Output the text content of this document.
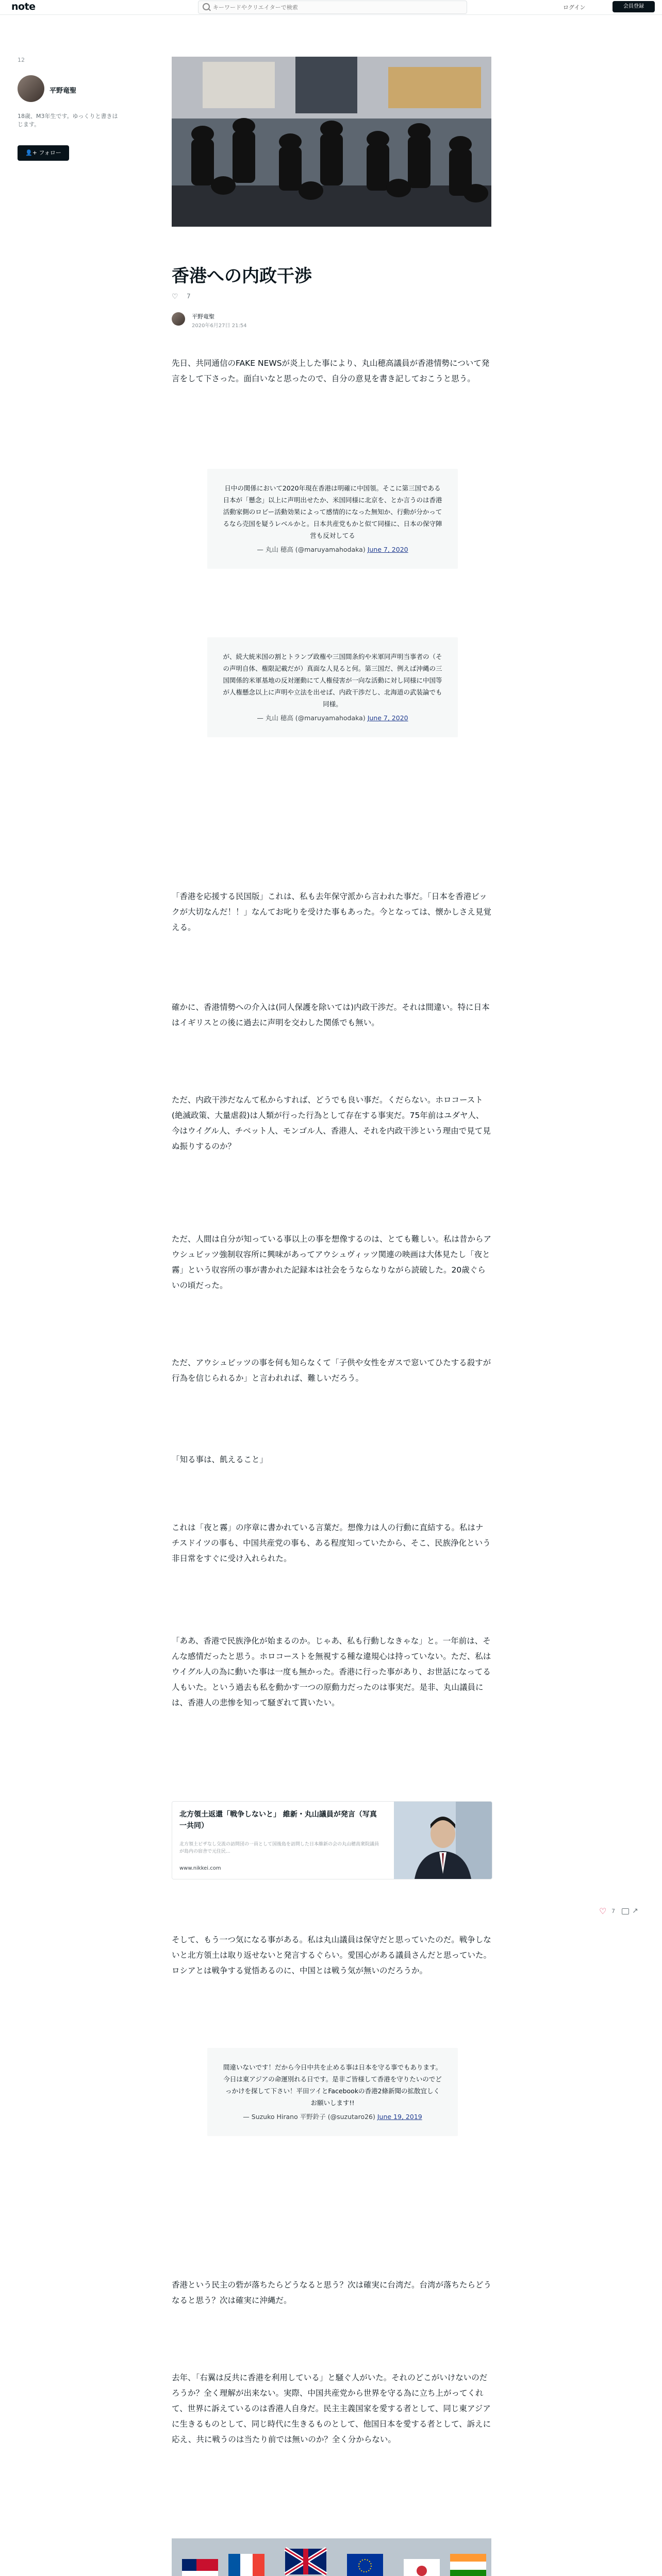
note
キーワードやクリエイターで検索	ログイン	会員登録
12
平野竜聖
18歳、M3年生です。ゆっくりと書きはじます。
👤+ フォロー
香港への内政干渉
♡ 7
平野竜聖
2020年6月27日 21:54

先日、共同通信のFAKE NEWSが炎上した事により、丸山穂高議員が香港情勢について発言をして下さった。面白いなと思ったので、自分の意見を書き記しておこうと思う。

日中の関係において2020年現在香港は明確に中国領。そこに第三国である日本が「懸念」以上に声明出せたか、米国同様に北京を、とか言うのは香港活動家側のロビー活動効果によって感情的になった無知か、行動が分かってるなら売国を疑うレベルかと。日本共産党もかと似て同様に、日本の保守陣営も反対してる
— 丸山 穂高 (@maruyamahodaka) June 7, 2020
が、続大統米国の割とトランプ政権や三国間条約や米軍同声明当事者の（その声明自体、権限記載だが）真面な人見ると何。第三国だ、例えば沖縄の三国関係的米軍基地の反対運動にて人権侵害が一向な活動に対し同様に中国等が人権懸念以上に声明や立法を出せば、内政干渉だし、北海道の武装論でも同様。
— 丸山 穂高 (@maruyamahodaka) June 7, 2020

「香港を応援する民国版」これは、私も去年保守派から言われた事だ。「日本を香港ビックが大切なんだ！！」なんてお叱りを受けた事もあった。今となっては、懐かしさえ見覚える。

確かに、香港情勢への介入は(同人保護を除いては)内政干渉だ。それは間違い。特に日本はイギリスとの後に過去に声明を交わした関係でも無い。

ただ、内政干渉だなんて私からすれば、どうでも良い事だ。くだらない。ホロコースト(絶滅政策、大量虐殺)は人類が行った行為として存在する事実だ。75年前はユダヤ人、今はウイグル人、チベット人、モンゴル人、香港人、それを内政干渉という理由で見て見ぬ振りするのか？

ただ、人間は自分が知っている事以上の事を想像するのは、とても難しい。私は昔からアウシュビッツ強制収容所に興味があってアウシュヴィッツ関連の映画は大体見たし「夜と霧」という収容所の事が書かれた記録本は社会をうならなりながら読破した。20歳ぐらいの頃だった。

ただ、アウシュビッツの事を何も知らなくて「子供や女性をガスで窓いてひたする殺すが行為を信じられるか」と言われれば、難しいだろう。

「知る事は、飢えること」

これは「夜と霧」の序章に書かれている言葉だ。想像力は人の行動に直結する。私はナチスドイツの事も、中国共産党の事も、ある程度知っていたから、そこ、民族浄化という非日常をすぐに受け入れられた。

「ああ、香港で民族浄化が始まるのか。じゃあ、私も行動しなきゃな」と。一年前は、そんな感情だったと思う。ホロコーストを無視する種な違規心は持っていない。ただ、私はウイグル人の為に動いた事は一度も無かった。香港に行った事があり、お世話になってる人もいた。という過去も私を動かす一つの原動力だったのは事実だ。是非、丸山議員には、香港人の悲惨を知って騒ぎれて貰いたい。

北方領土返還「戦争しないと」 維新・丸山議員が発言（写真一共同）
北方領土ビザなし交流の訪問団の一員として国後島を訪問した日本維新の会の丸山穂高衆院議員が島内の宿舎で元住民...
www.nikkei.com
♡ 7 ↗

そして、もう一つ気になる事がある。私は丸山議員は保守だと思っていたのだ。戦争しないと北方領土は取り返せないと発言するぐらい。愛国心がある議員さんだと思っていた。ロシアとは戦争する覚悟あるのに、中国とは戦う気が無いのだろうか。

間違いないです！だから今日中共を止める事は日本を守る事でもあります。今日は東アジアの命運別れる日です。是非ご皆様して香港を守りたいのでどっかけを探して下さい！平田ツイとFacebookの香港2條新聞の拡散宜しくお願いします!!
— Suzuko Hirano 平野鈴子 (@suzutaro26) June 19, 2019

香港という民主の砦が落ちたらどうなると思う？次は確実に台湾だ。台湾が落ちたらどうなると思う？次は確実に沖縄だ。

去年、「右翼は反共に香港を利用している」と騒ぐ人がいた。それのどこがいけないのだろうか？全く理解が出来ない。実際、中国共産党から世界を守る為に立ち上がってくれて、世界に訴えているのは香港人自身だ。民主主義国家を愛する者として、同じ東アジアに生きるものとして、同じ時代に生きるものとして、他国日本を愛する者として、訴えに応え、共に戦うのは当たり前では無いのか？全く分からない。
